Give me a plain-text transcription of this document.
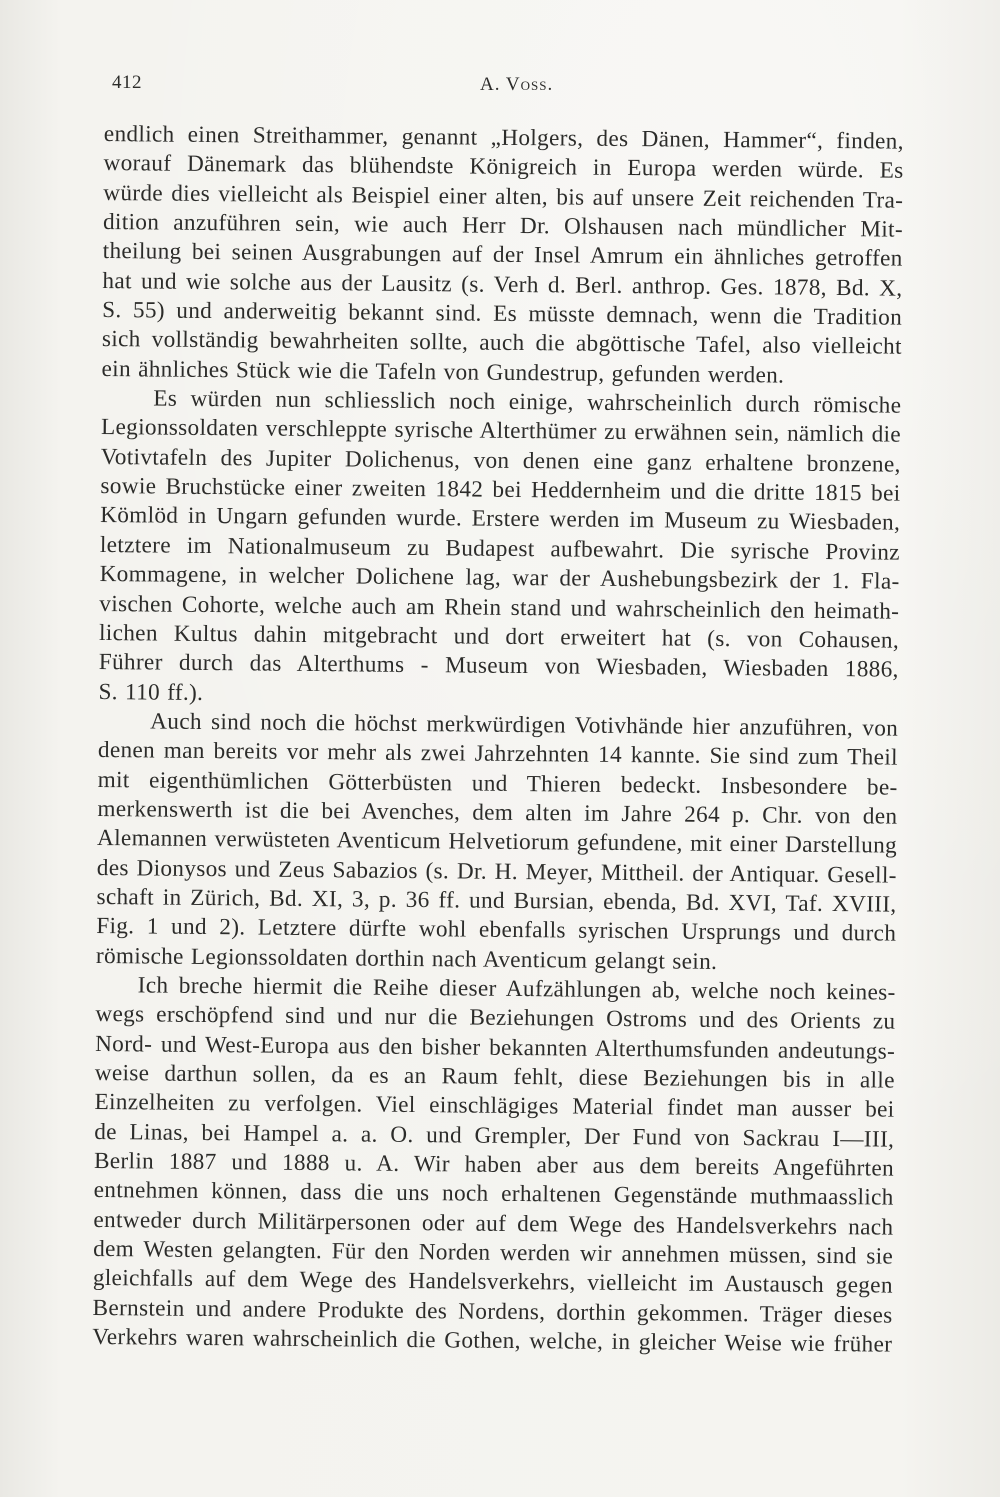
412	A. Voss.
endlich einen Streithammer, genannt „Holgers, des Dänen, Hammer“, finden,
worauf Dänemark das blühendste Königreich in Europa werden würde. Es
würde dies vielleicht als Beispiel einer alten, bis auf unsere Zeit reichenden Tra-
dition anzuführen sein, wie auch Herr Dr. Olshausen nach mündlicher Mit-
theilung bei seinen Ausgrabungen auf der Insel Amrum ein ähnliches getroffen
hat und wie solche aus der Lausitz (s. Verh d. Berl. anthrop. Ges. 1878, Bd. X,
S. 55) und anderweitig bekannt sind. Es müsste demnach, wenn die Tradition
sich vollständig bewahrheiten sollte, auch die abgöttische Tafel, also vielleicht
ein ähnliches Stück wie die Tafeln von Gundestrup, gefunden werden.
Es würden nun schliesslich noch einige, wahrscheinlich durch römische
Legionssoldaten verschleppte syrische Alterthümer zu erwähnen sein, nämlich die
Votivtafeln des Jupiter Dolichenus, von denen eine ganz erhaltene bronzene,
sowie Bruchstücke einer zweiten 1842 bei Heddernheim und die dritte 1815 bei
Kömlöd in Ungarn gefunden wurde. Erstere werden im Museum zu Wiesbaden,
letztere im Nationalmuseum zu Budapest aufbewahrt. Die syrische Provinz
Kommagene, in welcher Dolichene lag, war der Aushebungsbezirk der 1. Fla-
vischen Cohorte, welche auch am Rhein stand und wahrscheinlich den heimath-
lichen Kultus dahin mitgebracht und dort erweitert hat (s. von Cohausen,
Führer durch das Alterthums - Museum von Wiesbaden, Wiesbaden 1886,
S. 110 ff.).
Auch sind noch die höchst merkwürdigen Votivhände hier anzuführen, von
denen man bereits vor mehr als zwei Jahrzehnten 14 kannte. Sie sind zum Theil
mit eigenthümlichen Götterbüsten und Thieren bedeckt. Insbesondere be-
merkenswerth ist die bei Avenches, dem alten im Jahre 264 p. Chr. von den
Alemannen verwüsteten Aventicum Helvetiorum gefundene, mit einer Darstellung
des Dionysos und Zeus Sabazios (s. Dr. H. Meyer, Mittheil. der Antiquar. Gesell-
schaft in Zürich, Bd. XI, 3, p. 36 ff. und Bursian, ebenda, Bd. XVI, Taf. XVIII,
Fig. 1 und 2). Letztere dürfte wohl ebenfalls syrischen Ursprungs und durch
römische Legionssoldaten dorthin nach Aventicum gelangt sein.
Ich breche hiermit die Reihe dieser Aufzählungen ab, welche noch keines-
wegs erschöpfend sind und nur die Beziehungen Ostroms und des Orients zu
Nord- und West-Europa aus den bisher bekannten Alterthumsfunden andeutungs-
weise darthun sollen, da es an Raum fehlt, diese Beziehungen bis in alle
Einzelheiten zu verfolgen. Viel einschlägiges Material findet man ausser bei
de Linas, bei Hampel a. a. O. und Grempler, Der Fund von Sackrau I—III,
Berlin 1887 und 1888 u. A. Wir haben aber aus dem bereits Angeführten
entnehmen können, dass die uns noch erhaltenen Gegenstände muthmaasslich
entweder durch Militärpersonen oder auf dem Wege des Handelsverkehrs nach
dem Westen gelangten. Für den Norden werden wir annehmen müssen, sind sie
gleichfalls auf dem Wege des Handelsverkehrs, vielleicht im Austausch gegen
Bernstein und andere Produkte des Nordens, dorthin gekommen. Träger dieses
Verkehrs waren wahrscheinlich die Gothen, welche, in gleicher Weise wie früher
